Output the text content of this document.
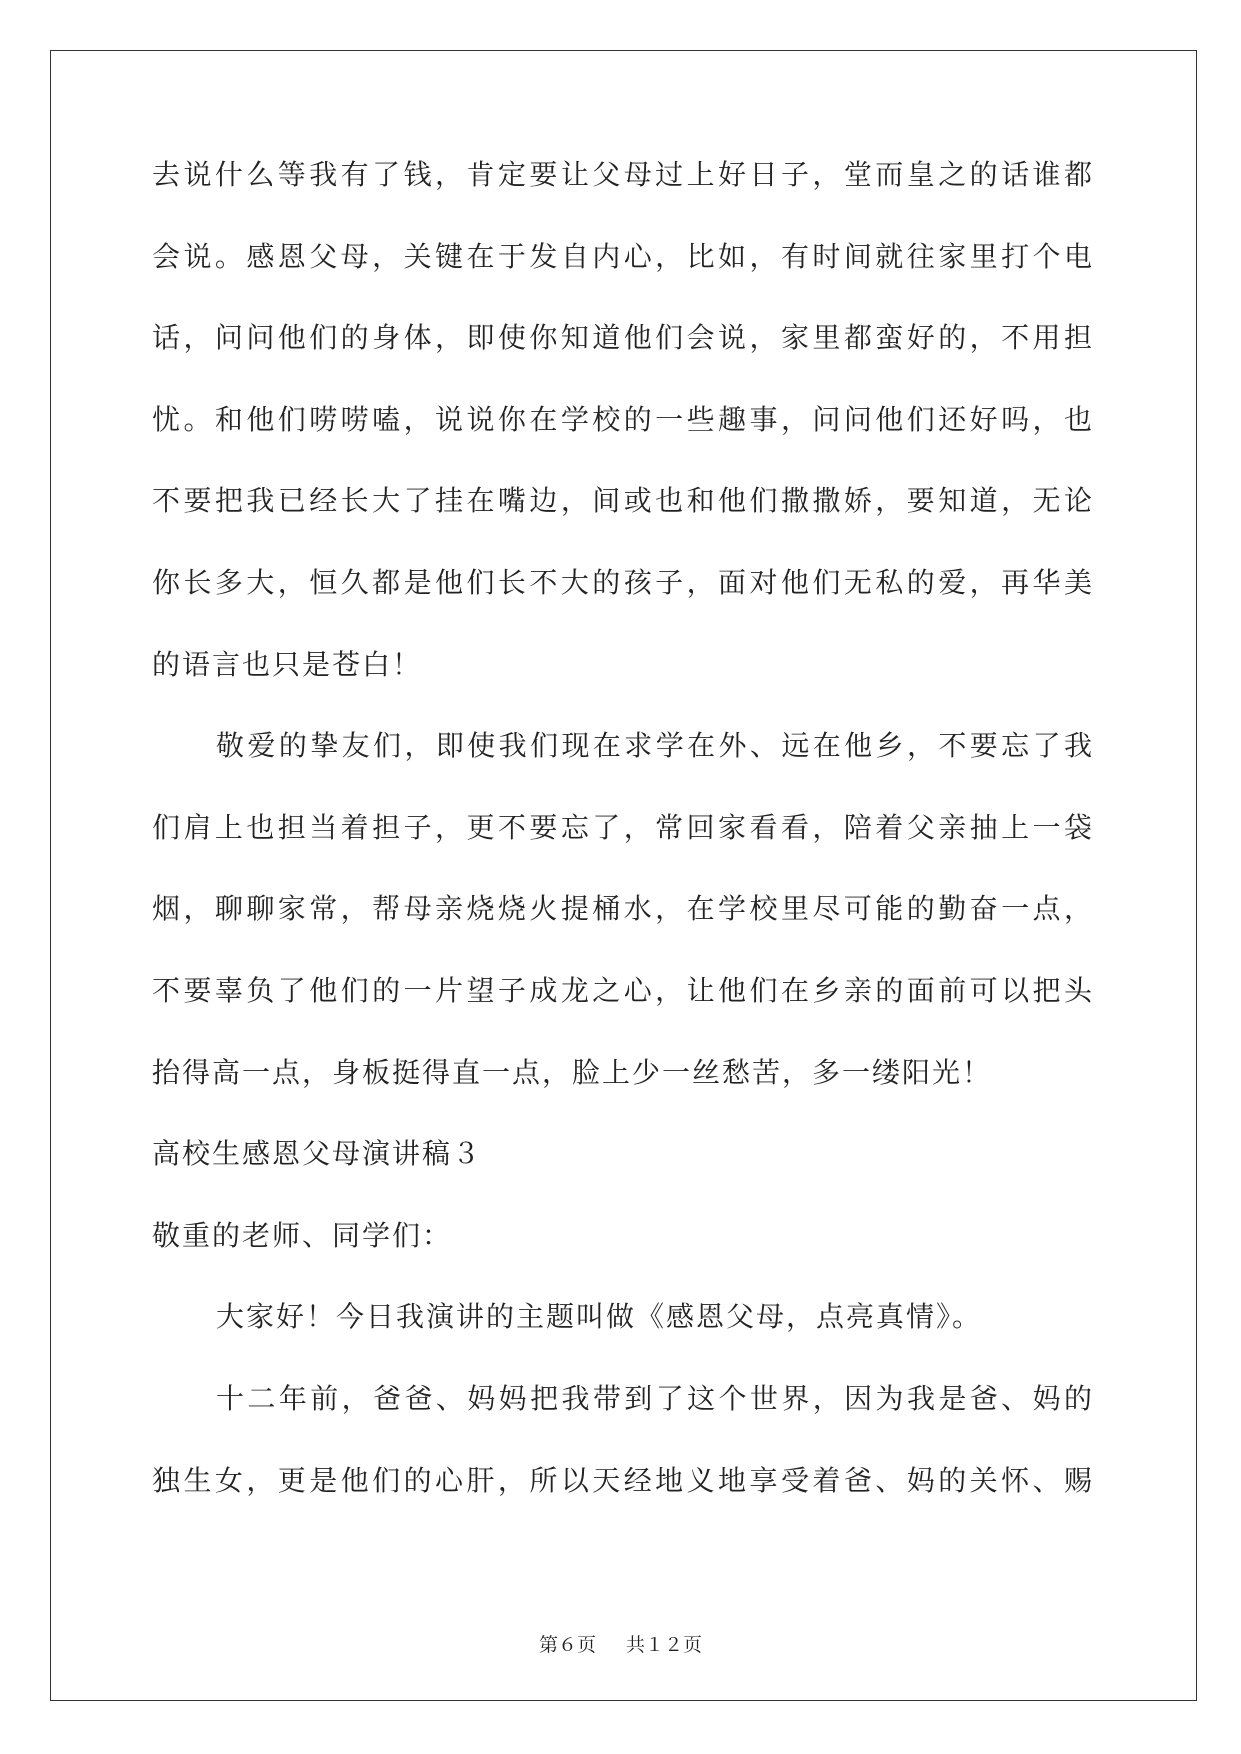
去说什么等我有了钱，肯定要让父母过上好日子，堂而皇之的话谁都
会说。感恩父母，关键在于发自内心，比如，有时间就往家里打个电
话，问问他们的身体，即使你知道他们会说，家里都蛮好的，不用担
忧。和他们唠唠嗑，说说你在学校的一些趣事，问问他们还好吗，也
不要把我已经长大了挂在嘴边，间或也和他们撒撒娇，要知道，无论
你长多大，恒久都是他们长不大的孩子，面对他们无私的爱，再华美
的语言也只是苍白！
敬爱的挚友们，即使我们现在求学在外、远在他乡，不要忘了我
们肩上也担当着担子，更不要忘了，常回家看看，陪着父亲抽上一袋
烟，聊聊家常，帮母亲烧烧火提桶水，在学校里尽可能的勤奋一点，
不要辜负了他们的一片望子成龙之心，让他们在乡亲的面前可以把头
抬得高一点，身板挺得直一点，脸上少一丝愁苦，多一缕阳光！
高校生感恩父母演讲稿３
敬重的老师、同学们：
大家好！今日我演讲的主题叫做《感恩父母，点亮真情》。
十二年前，爸爸、妈妈把我带到了这个世界，因为我是爸、妈的
独生女，更是他们的心肝，所以天经地义地享受着爸、妈的关怀、赐
第６页 共１２页
